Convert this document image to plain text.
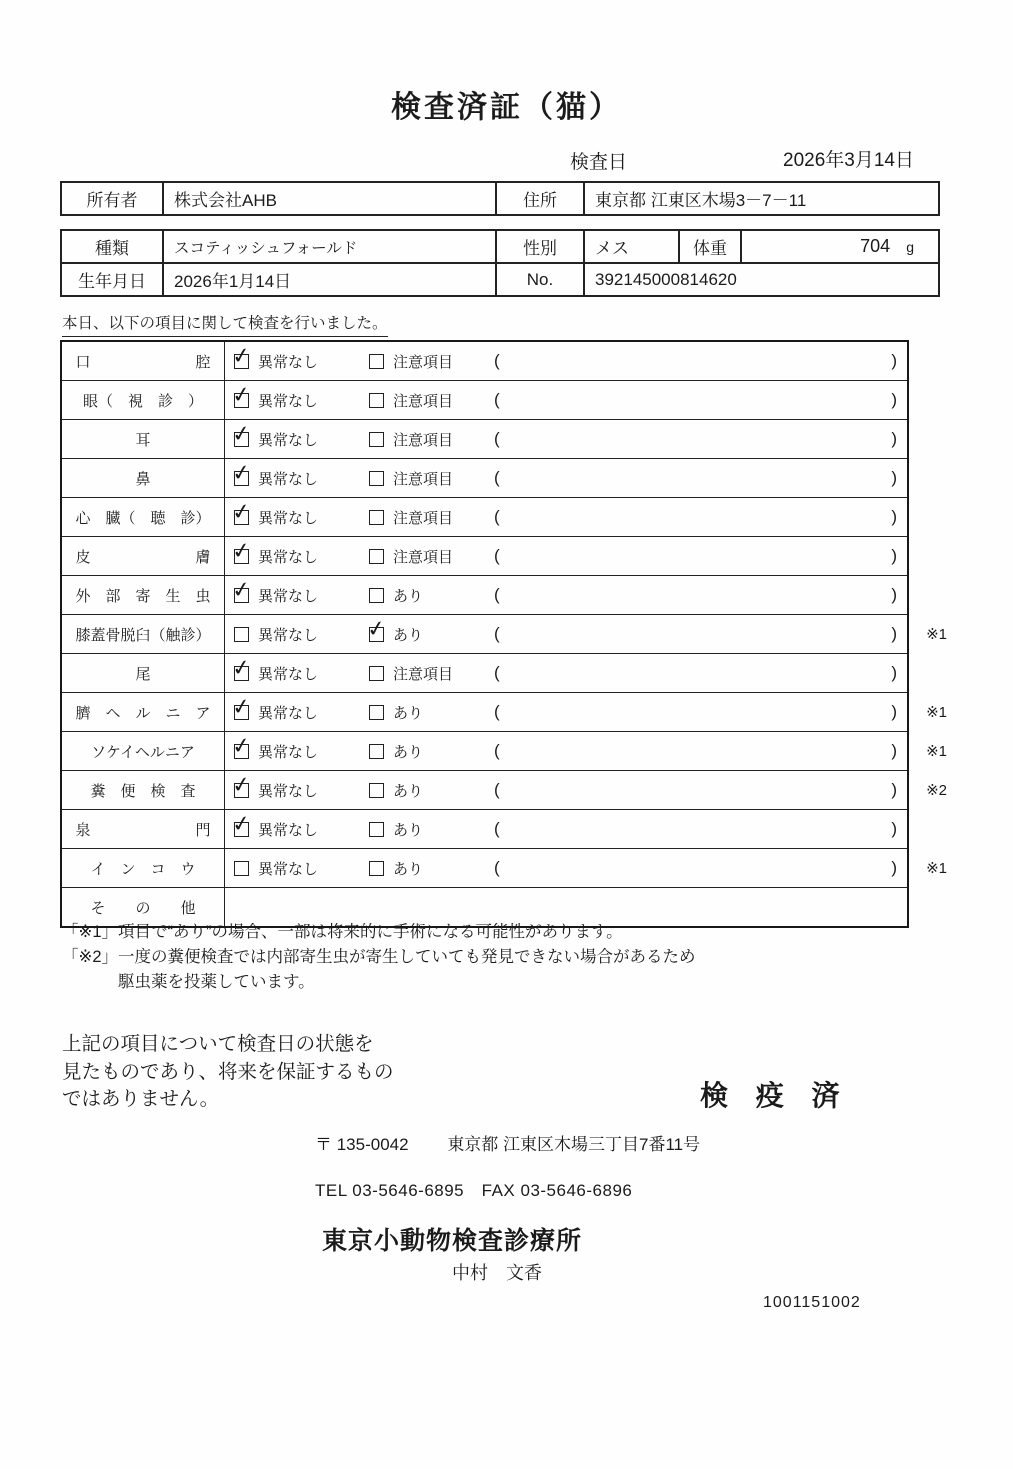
検査済証（猫）
検査日	2026年3月14日
所有者	株式会社AHB	住所	東京都 江東区木場3－7－11
種類	スコティッシュフォールド	性別	メス	体重	704 g

生年月日	2026年1月14日	No.	392145000814620		
本日、以下の項目に関して検査を行いました。
口　　　　　　　腔 ✓	異常なし	注意項目 (	)
眼（　視　診　） ✓	異常なし	注意項目 (	)
耳 ✓	異常なし	注意項目 (	)
鼻 ✓	異常なし	注意項目 (	)
心　臓（　聴　診） ✓	異常なし	注意項目 (	)
皮　　　　　　　膚 ✓	異常なし	注意項目 (	)
外　部　寄　生　虫 ✓	異常なし	あり	(	)
膝蓋骨脱臼（触診）	異常なし ✓	あり	(	) ※1
尾 ✓	異常なし	注意項目 (	)
臍　ヘ　ル　ニ　ア ✓	異常なし	あり	(	) ※1
ソケイヘルニア ✓	異常なし	あり	(	) ※1
糞　便　検　査 ✓	異常なし	あり	(	) ※2
泉　　　　　　　門 ✓	異常なし	あり	(	)
イ　ン　コ　ウ	異常なし	あり	(	) ※1
そ　　の　　他
「※1」項目で“あり”の場合、一部は将来的に手術になる可能性があります。
「※2」一度の糞便検査では内部寄生虫が寄生していても発見できない場合があるため
駆虫薬を投薬しています。
上記の項目について検査日の状態を
見たものであり、将来を保証するもの
ではありません。	検 疫 済
〒 135-0042 東京都 江東区木場三丁目7番11号
TEL 03-5646-6895　FAX 03-5646-6896
東京小動物検査診療所
中村　文香
1001151002
